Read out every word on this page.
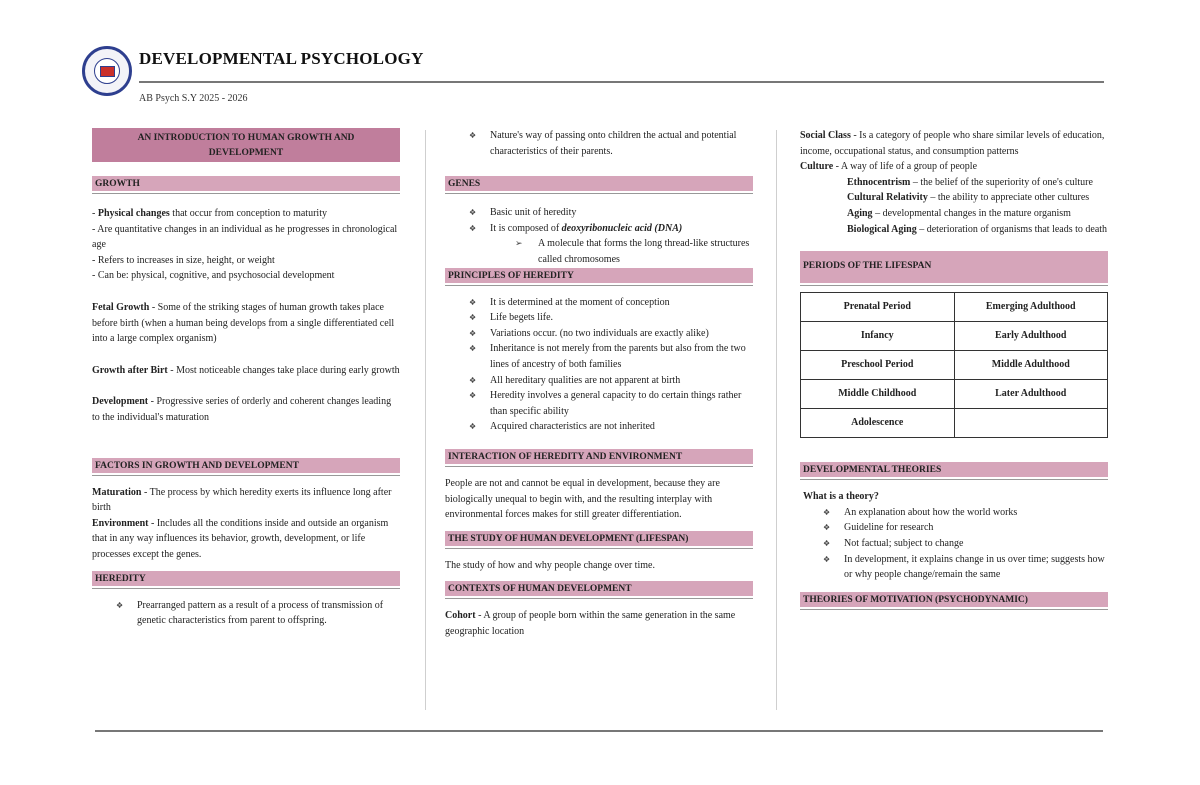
DEVELOPMENTAL PSYCHOLOGY
AB Psych S.Y 2025 - 2026
AN INTRODUCTION TO HUMAN GROWTH AND DEVELOPMENT
GROWTH

- Physical changes that occur from conception to maturity

- Are quantitative changes in an individual as he progresses in chronological age

- Refers to increases in size, height, or weight

- Can be: physical, cognitive, and psychosocial development

Fetal Growth - Some of the striking stages of human growth takes place before birth (when a human being develops from a single differentiated cell into a large complex organism)

Growth after Birt - Most noticeable changes take place during early growth

Development - Progressive series of orderly and coherent changes leading to the individual's maturation

FACTORS IN GROWTH AND DEVELOPMENT

Maturation - The process by which heredity exerts its influence long after birth

Environment - Includes all the conditions inside and outside an organism that in any way influences its behavior, growth, development, or life processes except the genes.

HEREDITY
❖ Prearranged pattern as a result of a process of transmission of genetic characteristics from parent to offspring.
❖ Nature's way of passing onto children the actual and potential characteristics of their parents.
GENES
❖ Basic unit of heredity
❖ It is composed of deoxyribonucleic acid (DNA)

➢ A molecule that forms the long thread-like structures called chromosomes

PRINCIPLES OF HEREDITY
❖ It is determined at the moment of conception
❖ Life begets life.
❖ Variations occur. (no two individuals are exactly alike)
❖ Inheritance is not merely from the parents but also from the two lines of ancestry of both families
❖ All hereditary qualities are not apparent at birth
❖ Heredity involves a general capacity to do certain things rather than specific ability
❖ Acquired characteristics are not inherited
INTERACTION OF HEREDITY AND ENVIRONMENT

People are not and cannot be equal in development, because they are biologically unequal to begin with, and the resulting interplay with environmental forces makes for still greater differentiation.

THE STUDY OF HUMAN DEVELOPMENT (LIFESPAN)

The study of how and why people change over time.

CONTEXTS OF HUMAN DEVELOPMENT

Cohort - A group of people born within the same generation in the same geographic location

Social Class - Is a category of people who share similar levels of education, income, occupational status, and consumption patterns

Culture - A way of life of a group of people

Ethnocentrism – the belief of the superiority of one's culture

Cultural Relativity – the ability to appreciate other cultures

Aging – developmental changes in the mature organism

Biological Aging – deterioration of organisms that leads to death

PERIODS OF THE LIFESPAN
Prenatal Period	Emerging Adulthood
Infancy	Early Adulthood
Preschool Period	Middle Adulthood
Middle Childhood	Later Adulthood
Adolescence	
DEVELOPMENTAL THEORIES

What is a theory?

❖ An explanation about how the world works
❖ Guideline for research
❖ Not factual; subject to change
❖ In development, it explains change in us over time; suggests how or why people change/remain the same
THEORIES OF MOTIVATION (PSYCHODYNAMIC)
